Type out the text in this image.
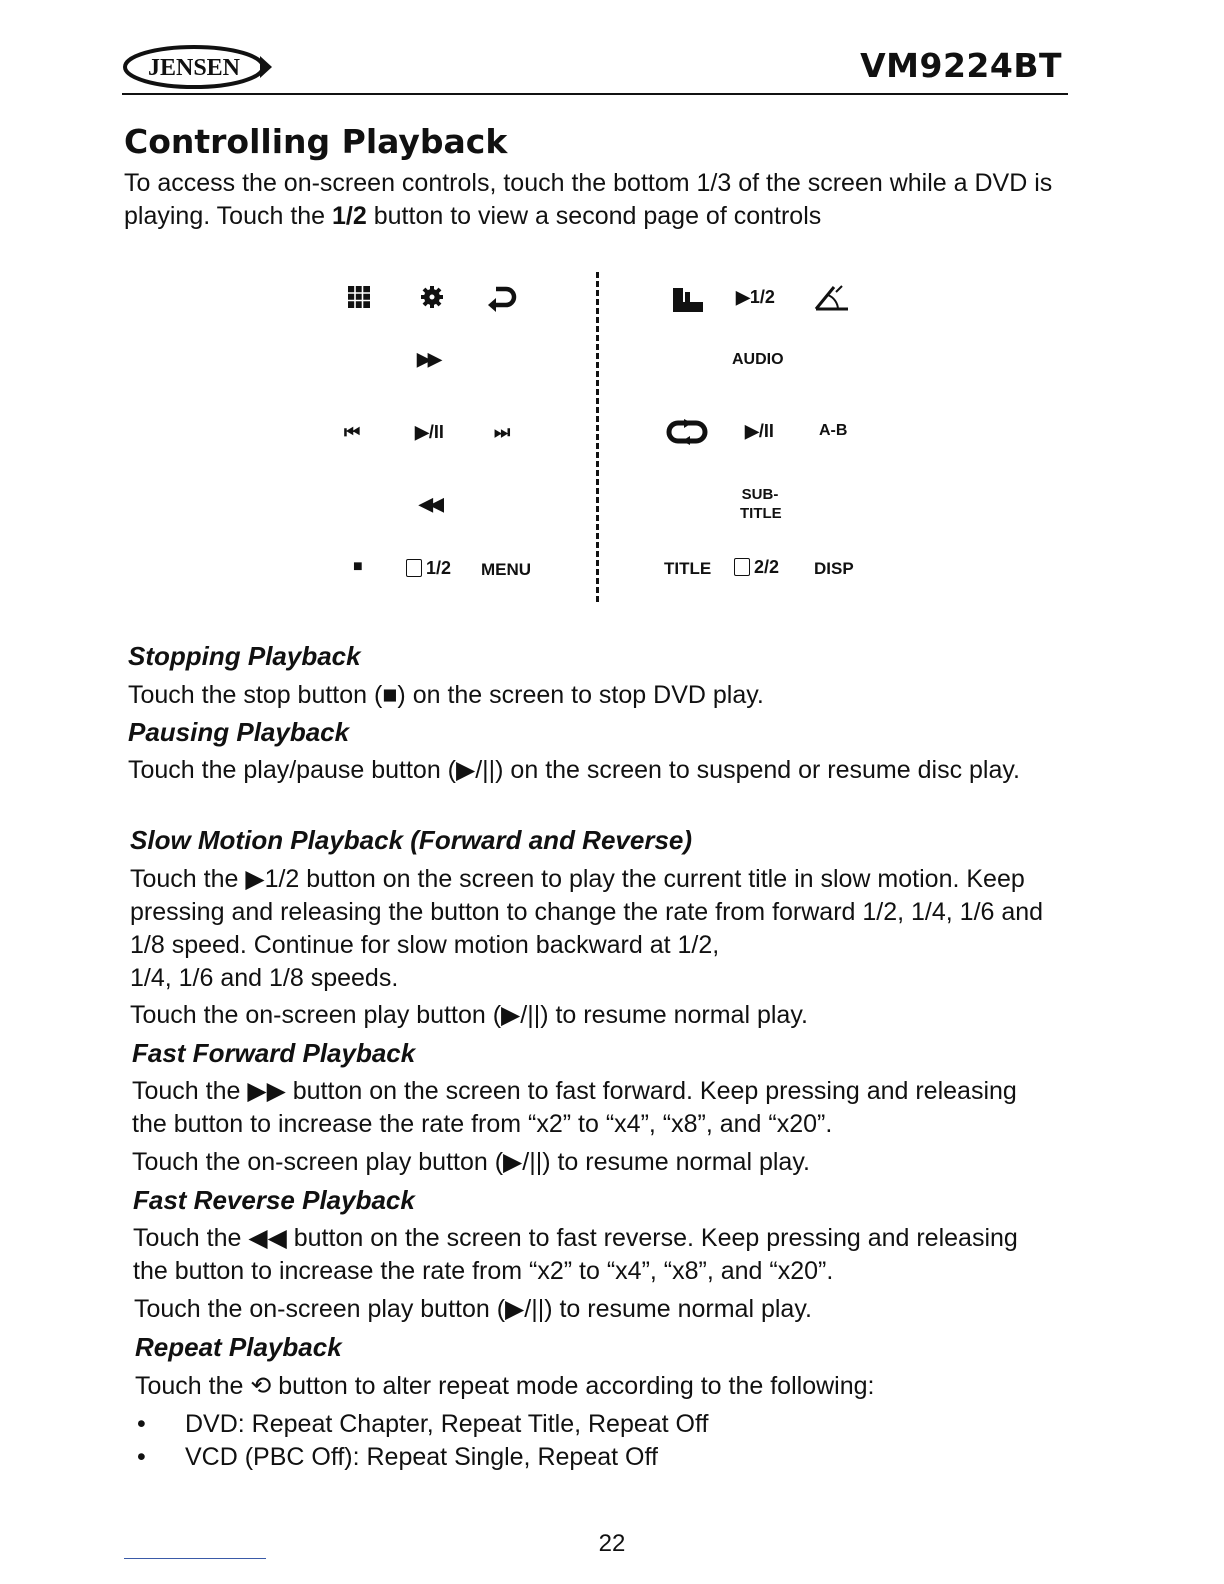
JENSEN	VM9224BT
Controlling Playback
To access the on-screen controls, touch the bottom 1/3 of the screen while a DVD is playing. Touch the 1/2 button to view a second page of controls
▶▶
⏮	▶/II	⏭
◀◀
■	1/2 MENU
▶1/2
AUDIO
▶/II	A-B
SUB-
TITLE
TITLE	2/2 DISP
Stopping Playback
Touch the stop button (■) on the screen to stop DVD play.
Pausing Playback
Touch the play/pause button (▶/||) on the screen to suspend or resume disc play.
Slow Motion Playback (Forward and Reverse)
Touch the ▶1/2 button on the screen to play the current title in slow motion. Keep pressing and releasing the button to change the rate from forward 1/2, 1/4, 1/6 and 1/8 speed. Continue for slow motion backward at 1/2,
1/4, 1/6 and 1/8 speeds.
Touch the on-screen play button (▶/||) to resume normal play.
Fast Forward Playback
Touch the ▶▶ button on the screen to fast forward. Keep pressing and releasing the button to increase the rate from “x2” to “x4”, “x8”, and “x20”.
Touch the on-screen play button (▶/||) to resume normal play.
Fast Reverse Playback
Touch the ◀◀ button on the screen to fast reverse. Keep pressing and releasing the button to increase the rate from “x2” to “x4”, “x8”, and “x20”.
Touch the on-screen play button (▶/||) to resume normal play.
Repeat Playback
Touch the ⟲ button to alter repeat mode according to the following:
• DVD: Repeat Chapter, Repeat Title, Repeat Off
• VCD (PBC Off): Repeat Single, Repeat Off
22
